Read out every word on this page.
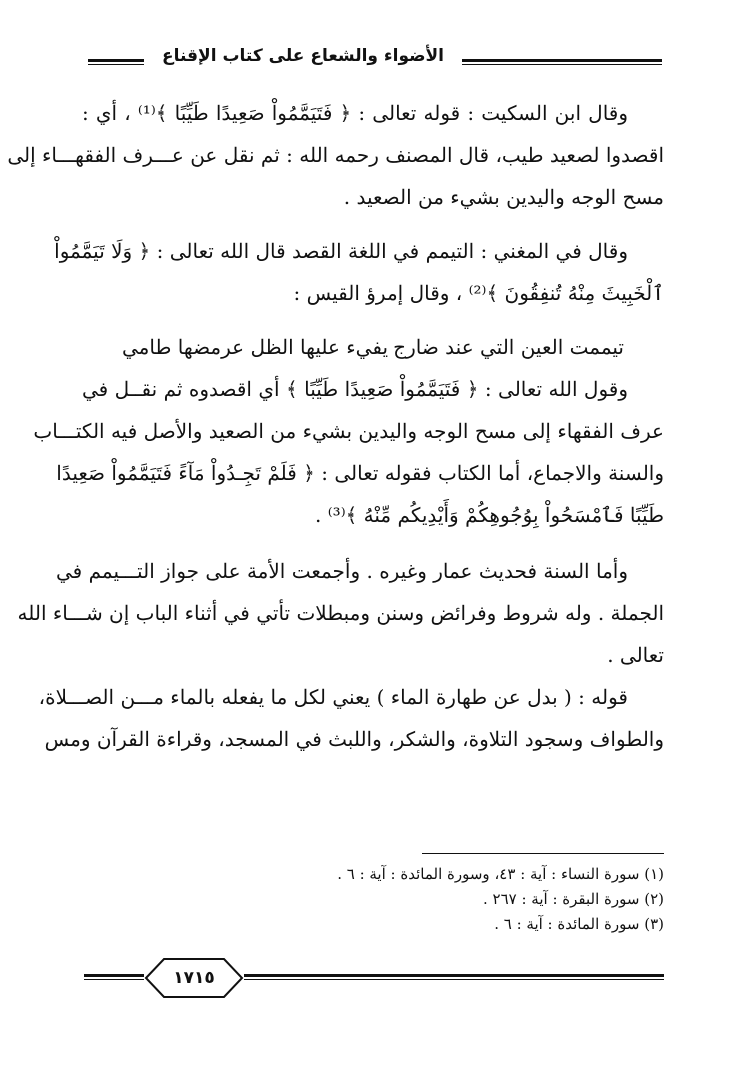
الأضواء والشعاع على كتاب الإقناع
وقال ابن السكيت : قوله تعالى : ﴿ فَتَيَمَّمُواْ صَعِيدًا طَيِّبًا ﴾⁽¹⁾ ، أي :
اقصدوا لصعيد طيب، قال المصنف رحمه الله : ثم نقل عن عـــرف الفقهـــاء إلى
مسح الوجه واليدين بشيء من الصعيد .
وقال في المغني : التيمم في اللغة القصد قال الله تعالى : ﴿ وَلَا تَيَمَّمُواْ
ٱلْخَبِيثَ مِنْهُ تُنفِقُونَ ﴾⁽²⁾ ، وقال إمرؤ القيس :
تيممت العين التي عند ضارج
يفيء عليها الظل عرمضها طامي
وقول الله تعالى : ﴿ فَتَيَمَّمُواْ صَعِيدًا طَيِّبًا ﴾ أي اقصدوه ثم نقــل في
عرف الفقهاء إلى مسح الوجه واليدين بشيء من الصعيد والأصل فيه الكتـــاب
والسنة والاجماع، أما الكتاب فقوله تعالى : ﴿ فَلَمْ تَجِـدُواْ مَآءً فَتَيَمَّمُواْ صَعِيدًا
طَيِّبًا فَٱمْسَحُواْ بِوُجُوهِكُمْ وَأَيْدِيكُم مِّنْهُ ﴾⁽³⁾ .
وأما السنة فحديث عمار وغيره . وأجمعت الأمة على جواز التـــيمم في
الجملة . وله شروط وفرائض وسنن ومبطلات تأتي في أثناء الباب إن شـــاء الله
تعالى .
قوله : ( بدل عن طهارة الماء ) يعني لكل ما يفعله بالماء مـــن الصـــلاة،
والطواف وسجود التلاوة، والشكر، واللبث في المسجد، وقراءة القرآن ومس
(١) سورة النساء : آية : ٤٣، وسورة المائدة : آية : ٦ .
(٢) سورة البقرة : آية : ٢٦٧ .
(٣) سورة المائدة : آية : ٦ .
١٧١٥
